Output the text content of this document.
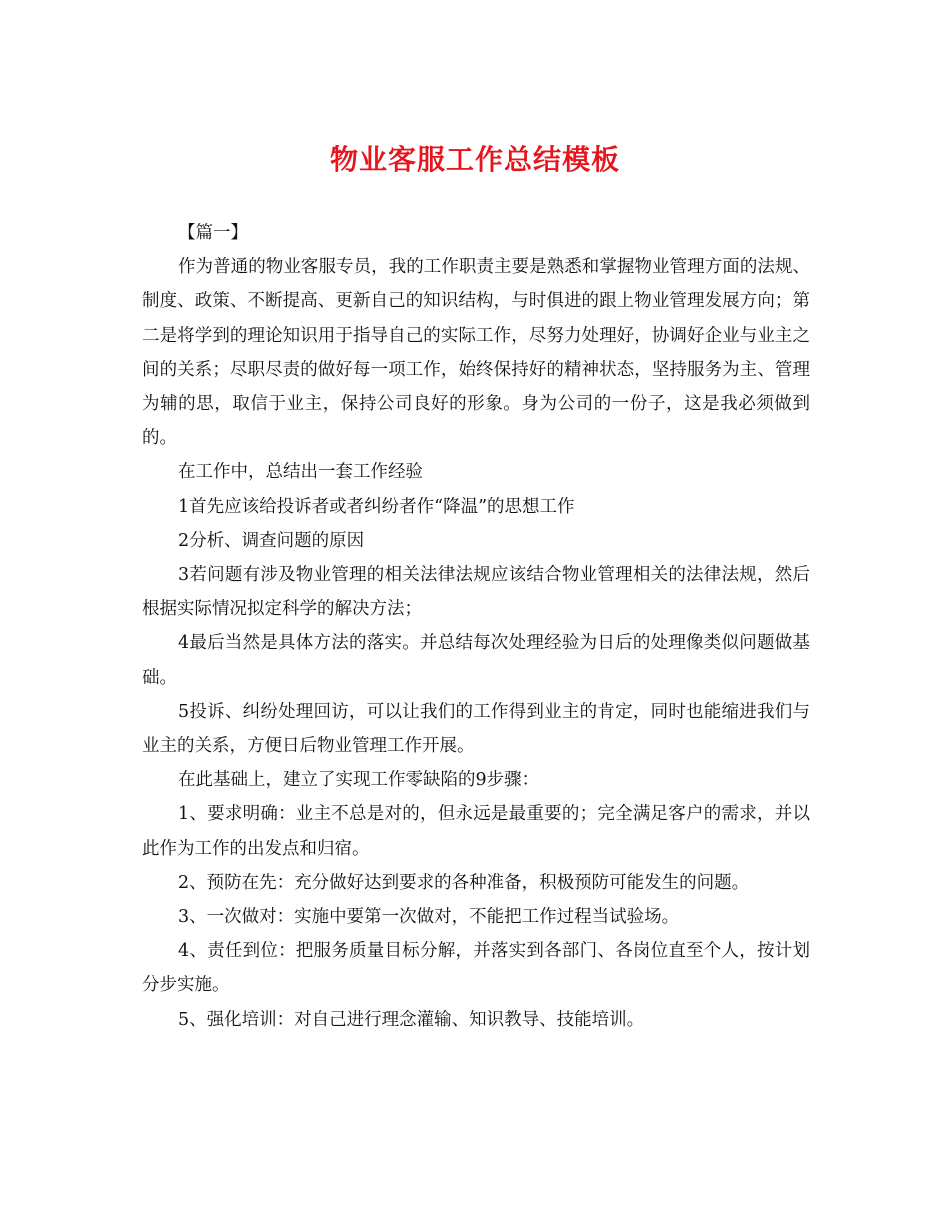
物业客服工作总结模板

【篇一】

作为普通的物业客服专员，我的工作职责主要是熟悉和掌握物业管理方面的法规、制度、政策、不断提高、更新自己的知识结构，与时俱进的跟上物业管理发展方向；第二是将学到的理论知识用于指导自己的实际工作，尽努力处理好，协调好企业与业主之间的关系；尽职尽责的做好每一项工作，始终保持好的精神状态，坚持服务为主、管理为辅的思，取信于业主，保持公司良好的形象。身为公司的一份子，这是我必须做到的。

在工作中，总结出一套工作经验

1首先应该给投诉者或者纠纷者作“降温”的思想工作

2分析、调查问题的原因

3若问题有涉及物业管理的相关法律法规应该结合物业管理相关的法律法规，然后根据实际情况拟定科学的解决方法；

4最后当然是具体方法的落实。并总结每次处理经验为日后的处理像类似问题做基础。

5投诉、纠纷处理回访，可以让我们的工作得到业主的肯定，同时也能缩进我们与业主的关系，方便日后物业管理工作开展。

在此基础上，建立了实现工作零缺陷的9步骤：

1、要求明确：业主不总是对的，但永远是最重要的；完全满足客户的需求，并以此作为工作的出发点和归宿。

2、预防在先：充分做好达到要求的各种准备，积极预防可能发生的问题。

3、一次做对：实施中要第一次做对，不能把工作过程当试验场。

4、责任到位：把服务质量目标分解，并落实到各部门、各岗位直至个人，按计划分步实施。

5、强化培训：对自己进行理念灌输、知识教导、技能培训。
